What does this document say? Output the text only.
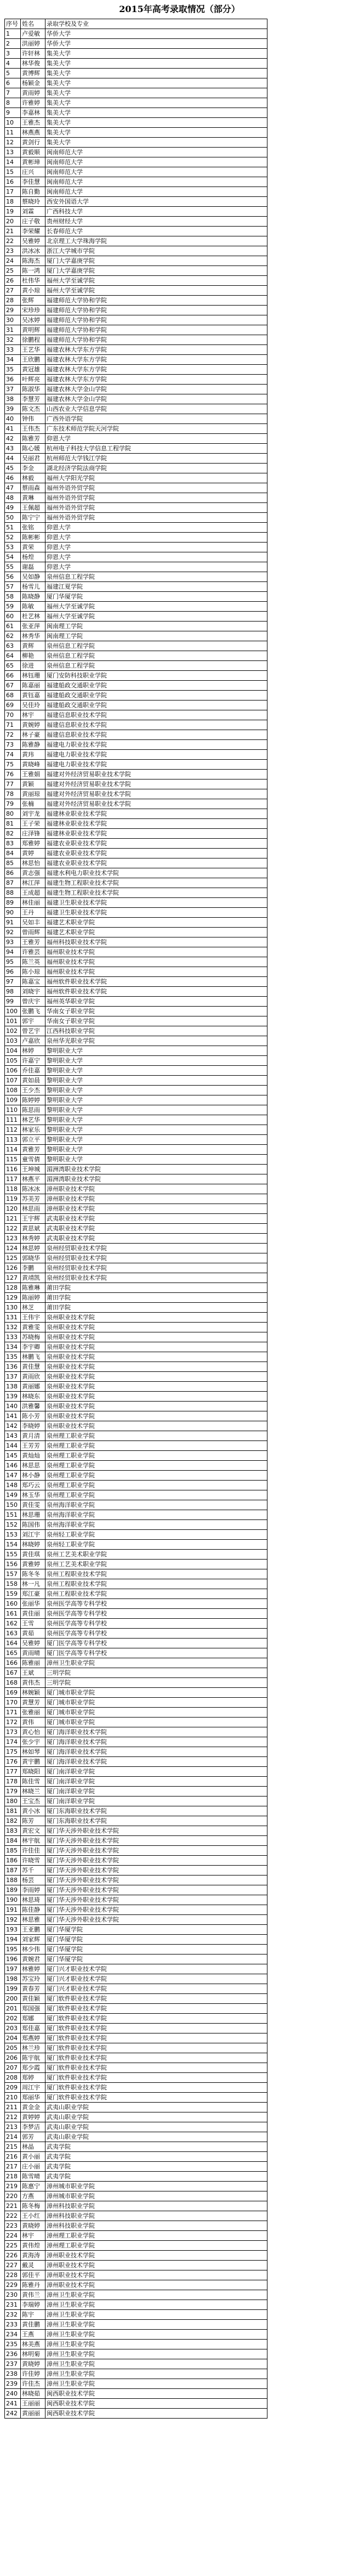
2015年高考录取情况（部分）
序号	姓名	录取学校及专业
1	卢爱敏	华侨大学
2	洪丽婷	华侨大学
3	许轩林	集美大学
4	林华俊	集美大学
5	黄博辉	集美大学
6	杨颖金	集美大学
7	黄雨婷	集美大学
8	许雅婷	集美大学
9	李嘉林	集美大学
10	王雅杰	集美大学
11	林燕燕	集美大学
12	黄剑行	集美大学
13	黄毅顺	闽南师范大学
14	黄彬璋	闽南师范大学
15	庄兴	闽南师范大学
16	李佳慧	闽南师范大学
17	陈自勤	闽南师范大学
18	蔡晓玲	西安外国语大学
19	刘霖	广西科技大学
20	庄子敬	贵州财经大学
21	李荣耀	长春师范大学
22	吴雅婷	北京理工大学珠海学院
23	洪冰冰	浙江大学城市学院
24	陈海杰	厦门大学嘉庚学院
25	陈一鸿	厦门大学嘉庚学院
26	杜伟华	福州大学至诚学院
27	黄小琼	福州大学至诚学院
28	张辉	福建师范大学协和学院
29	宋珍珍	福建师范大学协和学院
30	吴冰婷	福建师范大学协和学院
31	黄明辉	福建师范大学协和学院
32	徐鹏程	福建师范大学协和学院
33	王艺华	福建农林大学东方学院
34	王欣鹏	福建农林大学东方学院
35	黄冠雄	福建农林大学东方学院
36	叶辉亮	福建农林大学东方学院
37	陈淑华	福建农林大学金山学院
38	李慧芳	福建农林大学金山学院
39	陈文杰	山西农业大学信息学院
40	钟伟	广西外语学院
41	王伟杰	广东技术师范学院天河学院
42	陈雅芳	仰恩大学
43	陈心媛	杭州电子科技大学信息工程学院
44	吴丽君	杭州师范大学钱江学院
45	李金	湖北经济学院法商学院
46	林毅	福州大学阳光学院
47	蔡雨森	福州外语外贸学院
48	黄琳	福州外语外贸学院
49	王佩超	福州外语外贸学院
50	陈宁宁	福州外语外贸学院
51	张铭	仰恩大学
52	陈彬彬	仰恩大学
53	黄荣	仰恩大学
54	杨煌	仰恩大学
55	谢磊	仰恩大学
56	吴如静	泉州信息工程学院
57	杨雪儿	福建江夏学院
58	陈晓静	厦门华厦学院
59	陈敏	福州大学至诚学院
60	杜艺林	福州大学至诚学院
61	张亚萍	闽南理工学院
62	林秀华	闽南理工学院
63	黄辉	泉州信息工程学院
64	柳艳	泉州信息工程学院
65	徐进	泉州信息工程学院
66	林钰珊	厦门安防科技职业学院
67	陈嘉丽	福建船政交通职业学院
68	黄钰嘉	福建船政交通职业学院
69	吴佳玲	福建船政交通职业学院
70	林宇	福建信息职业技术学院
71	黄婉婷	福建信息职业技术学院
72	林子豪	福建信息职业技术学院
73	陈雅静	福建电力职业技术学院
74	黄玮	福建电力职业技术学院
75	黄晓峰	福建电力职业技术学院
76	王雅娟	福建对外经济贸易职业技术学院
77	黄颖	福建对外经济贸易职业技术学院
78	黄丽琼	福建对外经济贸易职业技术学院
79	张楠	福建对外经济贸易职业技术学院
80	刘宇龙	福建林业职业技术学院
81	王子荣	福建林业职业技术学院
82	庄泽锋	福建林业职业技术学院
83	郑雅婷	福建农业职业技术学院
84	黄婷	福建农业职业技术学院
85	林思怡	福建农业职业技术学院
86	黄志强	福建水利电力职业技术学院
87	林江萍	福建生物工程职业技术学院
88	王成超	福建生物工程职业技术学院
89	林佳丽	福建卫生职业技术学院
90	王丹	福建卫生职业技术学院
91	吴如丰	福建艺术职业学院
92	曾雨辉	福建艺术职业学院
93	王雅芳	福州科技职业技术学院
94	许雅芸	福州职业技术学院
95	陈兰英	福州职业技术学院
96	陈小琼	福州职业技术学院
97	陈嘉宝	福州软件职业技术学院
98	刘晓宇	福州软件职业技术学院
99	曾庆宇	福州英华职业学院
100	张鹏飞	华南女子职业学院
101	郭宇	华南女子职业学院
102	曾艺宇	江西科技职业学院
103	卢嘉欣	泉州华光职业学院
104	林婷	黎明职业大学
105	许嘉宁	黎明职业大学
106	乔佳嘉	黎明职业大学
107	黄如晨	黎明职业大学
108	王少杰	黎明职业大学
109	陈婷婷	黎明职业大学
110	陈思雨	黎明职业大学
111	林艺华	黎明职业大学
112	林家乐	黎明职业大学
113	郭立平	黎明职业大学
114	黄雅芳	黎明职业大学
115	童雪倩	黎明职业大学
116	王坤城	湄洲湾职业技术学院
117	林燕平	湄洲湾职业技术学院
118	陈冰冰	漳州职业技术学院
119	苏美芳	漳州职业技术学院
120	林思雨	漳州职业技术学院
121	王宇辉	武夷职业技术学院
122	黄思斌	武夷职业技术学院
123	林秀婷	武夷职业技术学院
124	林思婷	泉州经贸职业技术学院
125	郭晓华	泉州经贸职业技术学院
126	李鹏	泉州经贸职业技术学院
127	黄靖凯	泉州经贸职业技术学院
128	陈雅琳	莆田学院
129	陈丽婷	莆田学院
130	林芝	莆田学院
131	王伟宇	泉州职业技术学院
132	黄雅雯	泉州职业技术学院
133	苏晓梅	泉州职业技术学院
134	李宇卿	泉州职业技术学院
135	林鹏飞	泉州职业技术学院
136	黄佳慧	泉州职业技术学院
137	黄雨欣	泉州职业技术学院
138	黄丽娜	泉州职业技术学院
139	林晓东	泉州职业技术学院
140	洪雅馨	泉州职业技术学院
141	陈小芳	泉州职业技术学院
142	李晓婷	泉州职业技术学院
143	黄月清	泉州理工职业学院
144	王芳芳	泉州理工职业学院
145	黄灿灿	泉州理工职业学院
146	林思思	泉州理工职业学院
147	林小静	泉州理工职业学院
148	郑巧云	泉州理工职业学院
149	林玉华	泉州理工职业学院
150	黄佳雯	泉州海洋职业学院
151	林思珊	泉州海洋职业学院
152	陈国伟	泉州海洋职业学院
153	刘江宇	泉州轻工职业学院
154	林晓婷	泉州轻工职业学院
155	黄佳琪	泉州工艺美术职业学院
156	黄雅婷	泉州工艺美术职业学院
157	陈冬冬	泉州工程职业技术学院
158	林一凡	泉州工程职业技术学院
159	郑江豪	泉州工程职业技术学院
160	张丽华	泉州医学高等专科学校
161	黄佳丽	泉州医学高等专科学校
162	王雪	泉州医学高等专科学校
163	黄茹	泉州医学高等专科学校
164	吴雅婷	厦门医学高等专科学校
165	黄雨晴	厦门医学高等专科学校
166	陈雅丽	漳州卫生职业学院
167	王斌	三明学院
168	黄伟杰	三明学院
169	林婉颖	厦门城市职业学院
170	黄慧芳	厦门城市职业学院
171	张雅丽	厦门城市职业学院
172	黄伟	厦门城市职业学院
173	黄心怡	厦门海洋职业技术学院
174	张少宇	厦门海洋职业技术学院
175	林如琴	厦门海洋职业技术学院
176	黄宇鹏	厦门海洋职业技术学院
177	郑晓阳	厦门南洋职业学院
178	陈佳雪	厦门南洋职业学院
179	林晓兰	厦门南洋职业学院
180	王宝杰	厦门南洋职业学院
181	黄小冰	厦门东海职业技术学院
182	陈芳	厦门东海职业技术学院
183	黄宏文	厦门华天涉外职业技术学院
184	林宇航	厦门华天涉外职业技术学院
185	许佳佳	厦门华天涉外职业技术学院
186	许晓雪	厦门华天涉外职业技术学院
187	苏千	厦门华天涉外职业技术学院
188	杨芸	厦门华天涉外职业技术学院
189	李雨婷	厦门华天涉外职业技术学院
190	林思琦	厦门华天涉外职业技术学院
191	陈佳静	厦门华天涉外职业技术学院
192	林思雅	厦门华天涉外职业技术学院
193	王亚鹏	厦门华厦学院
194	刘家辉	厦门华厦学院
195	林少伟	厦门华厦学院
196	黄婉君	厦门华厦学院
197	林雅婷	厦门兴才职业技术学院
198	苏宝玲	厦门兴才职业技术学院
199	黄春芳	厦门兴才职业技术学院
200	黄佳颖	厦门软件职业技术学院
201	郑国强	厦门软件职业技术学院
202	郑娜	厦门软件职业技术学院
203	郑佳嘉	厦门软件职业技术学院
204	郑燕婷	厦门软件职业技术学院
205	林兰珍	厦门软件职业技术学院
206	陈宇航	厦门软件职业技术学院
207	郑少霞	厦门软件职业技术学院
208	郑婷	厦门软件职业技术学院
209	周江宇	厦门软件职业技术学院
210	郑丽华	厦门软件职业技术学院
211	黄金金	武夷山职业学院
212	黄婷婷	武夷山职业学院
213	李梦洁	武夷山职业学院
214	郭芳	武夷山职业学院
215	林晶	武夷学院
216	黄小丽	武夷学院
217	庄小丽	武夷学院
218	陈雪晴	武夷学院
219	陈惠宁	漳州城市职业学院
220	方燕	漳州城市职业学院
221	陈冬梅	漳州科技职业学院
222	王小红	漳州科技职业学院
223	黄晓婷	漳州科技职业学院
224	林宇	漳州理工职业学院
225	黄伟煌	漳州理工职业学院
226	黄海涛	漳州职业技术学院
227	戴灵	漳州职业技术学院
228	郭佳平	漳州职业技术学院
229	陈雅丹	漳州职业技术学院
230	黄伟兰	漳州卫生职业学院
231	李瑞婷	漳州卫生职业学院
232	陈宇	漳州卫生职业学院
233	黄佳鹏	漳州卫生职业学院
234	王燕	漳州卫生职业学院
235	林美燕	漳州卫生职业学院
236	林明菊	漳州卫生职业学院
237	黄晓婷	漳州卫生职业学院
238	许佳婷	漳州卫生职业学院
239	许佳杰	漳州卫生职业学院
240	林晓茹	闽西职业技术学院
241	王丽丽	闽西职业技术学院
242	黄丽丽	闽西职业技术学院
